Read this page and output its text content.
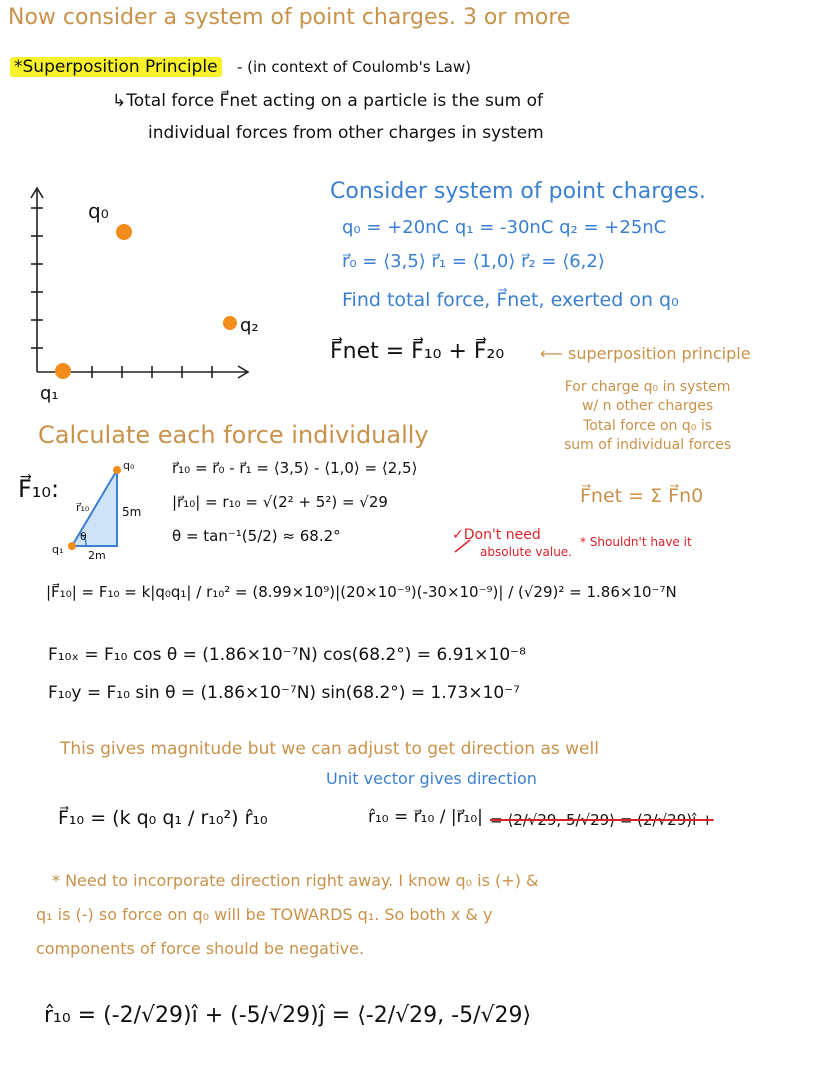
Now consider a system of point charges. 3 or more
*Superposition Principle - (in context of Coulomb's Law)
↳Total force F⃗net acting on a particle is the sum of
individual forces from other charges in system
q₀
q₁
q₂
Consider system of point charges.
q₀ = +20nC q₁ = -30nC q₂ = +25nC
r⃗₀ = ⟨3,5⟩ r⃗₁ = ⟨1,0⟩ r⃗₂ = ⟨6,2⟩
Find total force, F⃗net, exerted on q₀
F⃗net = F⃗₁₀ + F⃗₂₀ ⟵ superposition principle
For charge q₀ in system
w/ n other charges
Total force on q₀ is
sum of individual forces
F⃗net = Σ F⃗n0
Calculate each force individually
F⃗₁₀:
q₀
q₁
r⃗₁₀	5m
2m
θ
r⃗₁₀ = r⃗₀ - r⃗₁ = ⟨3,5⟩ - ⟨1,0⟩ = ⟨2,5⟩
|r⃗₁₀| = r₁₀ = √(2² + 5²) = √29
θ = tan⁻¹(5/2) ≈ 68.2°	✓Don't need
absolute value.
* Shouldn't have it
|F⃗₁₀| = F₁₀ = k|q₀q₁| / r₁₀² = (8.99×10⁹)|(20×10⁻⁹)(-30×10⁻⁹)| / (√29)² = 1.86×10⁻⁷N
F₁₀ₓ = F₁₀ cos θ = (1.86×10⁻⁷N) cos(68.2°) = 6.91×10⁻⁸
F₁₀y = F₁₀ sin θ = (1.86×10⁻⁷N) sin(68.2°) = 1.73×10⁻⁷
This gives magnitude but we can adjust to get direction as well
Unit vector gives direction
F⃗₁₀ = (k q₀ q₁ / r₁₀²) r̂₁₀	r̂₁₀ = r⃗₁₀ / |r⃗₁₀| = ⟨2/√29, 5/√29⟩ = (2/√29)î +
* Need to incorporate direction right away. I know q₀ is (+) &
q₁ is (-) so force on q₀ will be TOWARDS q₁. So both x & y
components of force should be negative.
r̂₁₀ = (-2/√29)î + (-5/√29)ĵ = ⟨-2/√29, -5/√29⟩
